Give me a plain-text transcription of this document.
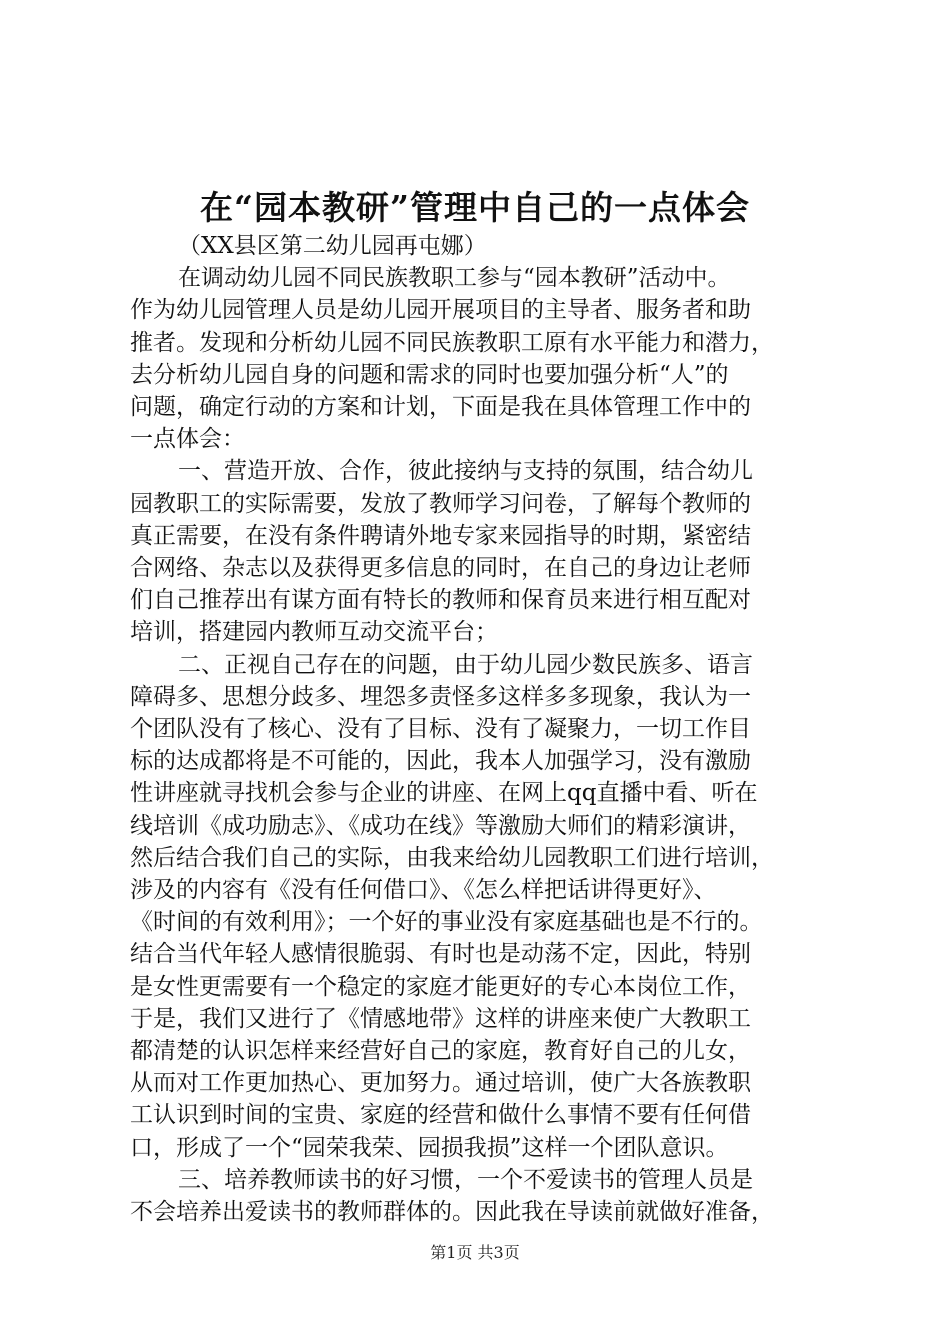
在“园本教研”管理中自己的一点体会

（XX县区第二幼儿园再屯娜）

在调动幼儿园不同民族教职工参与“园本教研”活动中。

作为幼儿园管理人员是幼儿园开展项目的主导者、服务者和助

推者。发现和分析幼儿园不同民族教职工原有水平能力和潜力，

去分析幼儿园自身的问题和需求的同时也要加强分析“人”的

问题，确定行动的方案和计划，下面是我在具体管理工作中的

一点体会：

一、营造开放、合作，彼此接纳与支持的氛围，结合幼儿

园教职工的实际需要，发放了教师学习问卷，了解每个教师的

真正需要，在没有条件聘请外地专家来园指导的时期，紧密结

合网络、杂志以及获得更多信息的同时，在自己的身边让老师

们自己推荐出有谋方面有特长的教师和保育员来进行相互配对

培训，搭建园内教师互动交流平台；

二、正视自己存在的问题，由于幼儿园少数民族多、语言

障碍多、思想分歧多、埋怨多责怪多这样多多现象，我认为一

个团队没有了核心、没有了目标、没有了凝聚力，一切工作目

标的达成都将是不可能的，因此，我本人加强学习，没有激励

性讲座就寻找机会参与企业的讲座、在网上qq直播中看、听在

线培训《成功励志》、《成功在线》等激励大师们的精彩演讲，

然后结合我们自己的实际，由我来给幼儿园教职工们进行培训，

涉及的内容有《没有任何借口》、《怎么样把话讲得更好》、

《时间的有效利用》；一个好的事业没有家庭基础也是不行的。

结合当代年轻人感情很脆弱、有时也是动荡不定，因此，特别

是女性更需要有一个稳定的家庭才能更好的专心本岗位工作，

于是，我们又进行了《情感地带》这样的讲座来使广大教职工

都清楚的认识怎样来经营好自己的家庭，教育好自己的儿女，

从而对工作更加热心、更加努力。通过培训，使广大各族教职

工认识到时间的宝贵、家庭的经营和做什么事情不要有任何借

口，形成了一个“园荣我荣、园损我损”这样一个团队意识。

三、培养教师读书的好习惯，一个不爱读书的管理人员是

不会培养出爱读书的教师群体的。因此我在导读前就做好准备，

第1页 共3页
